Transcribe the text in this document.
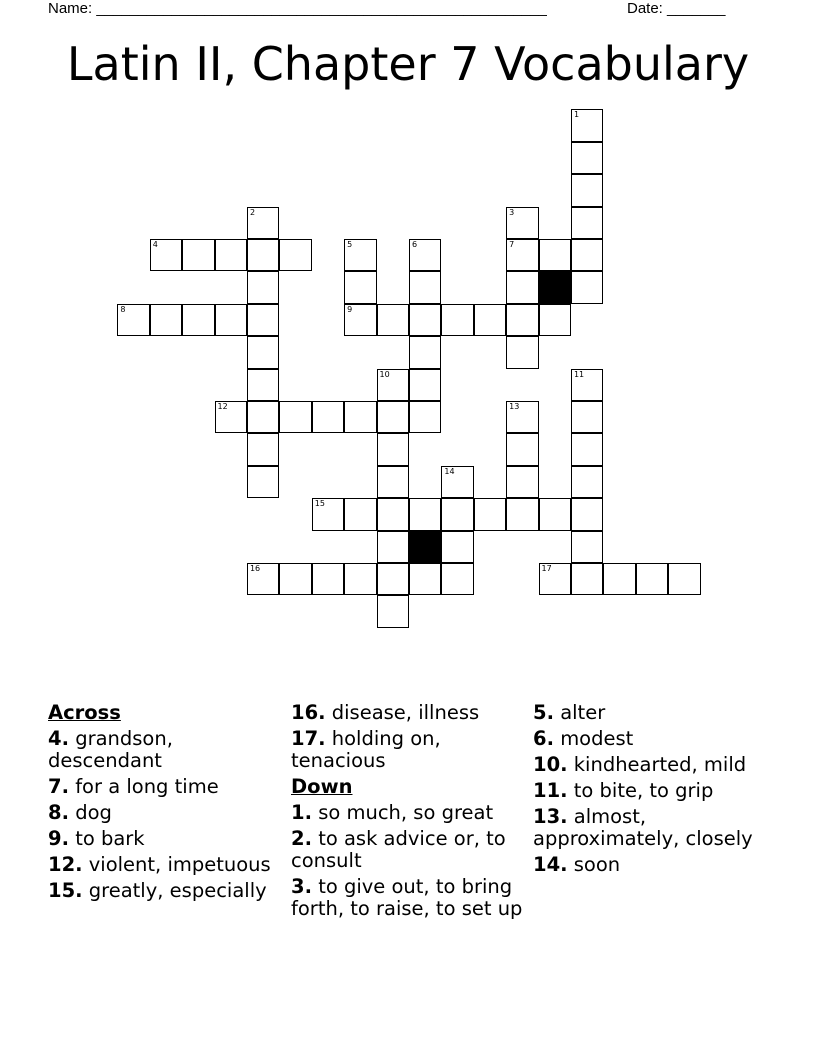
Name: ______________________________________________________	Date: _______
Latin II, Chapter 7 Vocabulary
1
2	3
4	5	6	7
8	9
10	11
12	13
14
15
16	17
Across
4. grandson, descendant
7. for a long time
8. dog
9. to bark
12. violent, impetuous
15. greatly, especially
16. disease, illness
17. holding on, tenacious
Down
1. so much, so great
2. to ask advice or, to consult
3. to give out, to bring forth, to raise, to set up
5. alter
6. modest
10. kindhearted, mild
11. to bite, to grip
13. almost, approximately, closely
14. soon
